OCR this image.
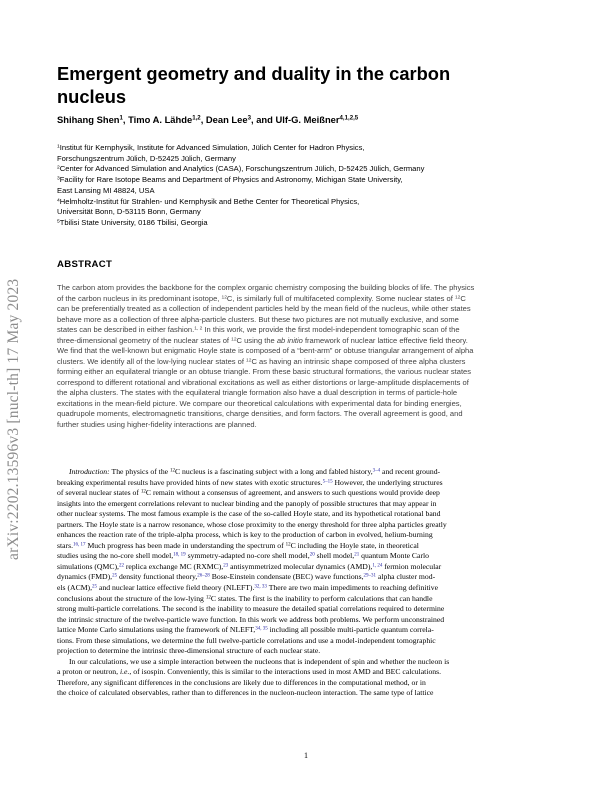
arXiv:2202.13596v3 [nucl-th] 17 May 2023
Emergent geometry and duality in the carbon nucleus
Shihang Shen$^1$, Timo A. Lähde$^{1,2}$, Dean Lee$^3$, and Ulf-G. Meißner$^{4,1,2,5}$
$^1$Institut für Kernphysik, Institute for Advanced Simulation, Jülich Center for Hadron Physics,
Forschungszentrum Jülich, D-52425 Jülich, Germany
$^2$Center for Advanced Simulation and Analytics (CASA), Forschungszentrum Jülich, D-52425 Jülich, Germany
$^3$Facility for Rare Isotope Beams and Department of Physics and Astronomy, Michigan State University,
East Lansing MI 48824, USA
$^4$Helmholtz-Institut für Strahlen- und Kernphysik and Bethe Center for Theoretical Physics,
Universität Bonn, D-53115 Bonn, Germany
$^5$Tbilisi State University, 0186 Tbilisi, Georgia
ABSTRACT
The carbon atom provides the backbone for the complex organic chemistry composing the building blocks of life. The physics
of the carbon nucleus in its predominant isotope, $^{12}$C, is similarly full of multifaceted complexity. Some nuclear states of $^{12}$C
can be preferentially treated as a collection of independent particles held by the mean field of the nucleus, while other states
behave more as a collection of three alpha-particle clusters. But these two pictures are not mutually exclusive, and some
states can be described in either fashion.$^{1, 2}$ In this work, we provide the first model-independent tomographic scan of the
three-dimensional geometry of the nuclear states of $^{12}$C using the ab initio framework of nuclear lattice effective field theory.
We find that the well-known but enigmatic Hoyle state is composed of a “bent-arm” or obtuse triangular arrangement of alpha
clusters. We identify all of the low-lying nuclear states of $^{12}$C as having an intrinsic shape composed of three alpha clusters
forming either an equilateral triangle or an obtuse triangle. From these basic structural formations, the various nuclear states
correspond to different rotational and vibrational excitations as well as either distortions or large-amplitude displacements of
the alpha clusters. The states with the equilateral triangle formation also have a dual description in terms of particle-hole
excitations in the mean-field picture. We compare our theoretical calculations with experimental data for binding energies,
quadrupole moments, electromagnetic transitions, charge densities, and form factors. The overall agreement is good, and
further studies using higher-fidelity interactions are planned.
Introduction: The physics of the $^{12}$C nucleus is a fascinating subject with a long and fabled history,$^{3-4}$ and recent ground-
breaking experimental results have provided hints of new states with exotic structures.$^{5-15}$ However, the underlying structures
of several nuclear states of $^{12}$C remain without a consensus of agreement, and answers to such questions would provide deep
insights into the emergent correlations relevant to nuclear binding and the panoply of possible structures that may appear in
other nuclear systems. The most famous example is the case of the so-called Hoyle state, and its hypothetical rotational band
partners. The Hoyle state is a narrow resonance, whose close proximity to the energy threshold for three alpha particles greatly
enhances the reaction rate of the triple-alpha process, which is key to the production of carbon in evolved, helium-burning
stars.$^{16, 17}$ Much progress has been made in understanding the spectrum of $^{12}$C including the Hoyle state, in theoretical
studies using the no-core shell model,$^{18, 19}$ symmetry-adapted no-core shell model,$^{20}$ shell model,$^{21}$ quantum Monte Carlo
simulations (QMC),$^{22}$ replica exchange MC (RXMC),$^{23}$ antisymmetrized molecular dynamics (AMD),$^{1, 24}$ fermion molecular
dynamics (FMD),$^{25}$ density functional theory,$^{26-28}$ Bose-Einstein condensate (BEC) wave functions,$^{29-31}$ alpha cluster mod-
els (ACM),$^{25}$ and nuclear lattice effective field theory (NLEFT).$^{32, 33}$ There are two main impediments to reaching definitive
conclusions about the structure of the low-lying $^{12}$C states. The first is the inability to perform calculations that can handle
strong multi-particle correlations. The second is the inability to measure the detailed spatial correlations required to determine
the intrinsic structure of the twelve-particle wave function. In this work we address both problems. We perform unconstrained
lattice Monte Carlo simulations using the framework of NLEFT,$^{34, 35}$ including all possible multi-particle quantum correla-
tions. From these simulations, we determine the full twelve-particle correlations and use a model-independent tomographic
projection to determine the intrinsic three-dimensional structure of each nuclear state.
In our calculations, we use a simple interaction between the nucleons that is independent of spin and whether the nucleon is
a proton or neutron, i.e., of isospin. Conveniently, this is similar to the interactions used in most AMD and BEC calculations.
Therefore, any significant differences in the conclusions are likely due to differences in the computational method, or in
the choice of calculated observables, rather than to differences in the nucleon-nucleon interaction. The same type of lattice
1
